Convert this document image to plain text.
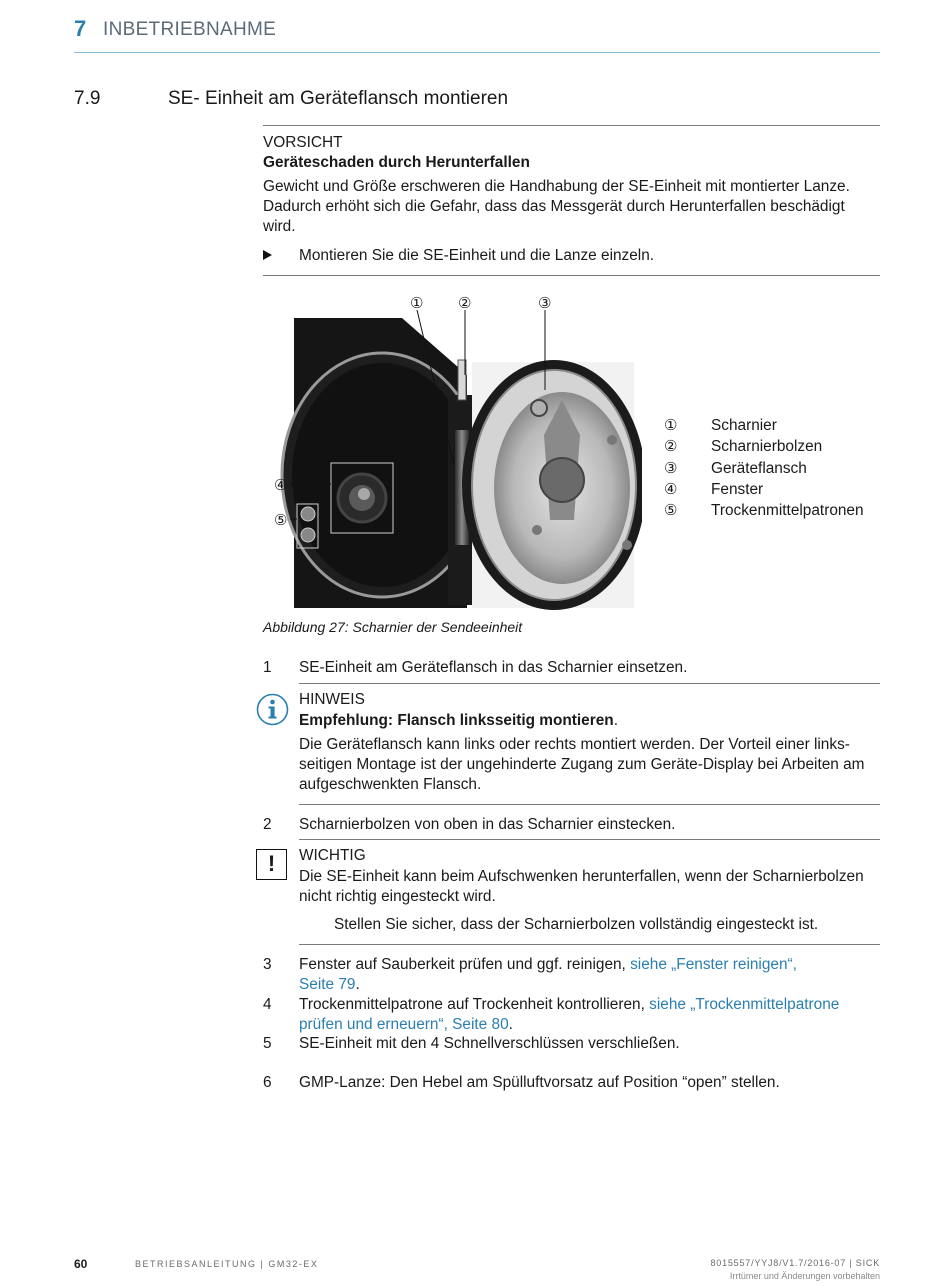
7 INBETRIEBNAHME
7.9	SE- Einheit am Geräteflansch montieren
VORSICHT
Geräteschaden durch Herunterfallen
Gewicht und Größe erschweren die Handhabung der SE-Einheit mit montierter Lanze.
Dadurch erhöht sich die Gefahr, dass das Messgerät durch Herunterfallen beschädigt
wird.
Montieren Sie die SE-Einheit und die Lanze einzeln.
① ②	③
④
⑤
① Scharnier
② Scharnierbolzen
③ Geräteflansch
④ Fenster
⑤ Trockenmittelpatronen
Abbildung 27: Scharnier der Sendeeinheit
1 SE-Einheit am Geräteflansch in das Scharnier einsetzen.
HINWEIS
Empfehlung: Flansch linksseitig montieren.
Die Geräteflansch kann links oder rechts montiert werden. Der Vorteil einer links-
seitigen Montage ist der ungehinderte Zugang zum Geräte-Display bei Arbeiten am
aufgeschwenkten Flansch.
2 Scharnierbolzen von oben in das Scharnier einstecken.
!	WICHTIG
Die SE-Einheit kann beim Aufschwenken herunterfallen, wenn der Scharnierbolzen
nicht richtig eingesteckt wird.
Stellen Sie sicher, dass der Scharnierbolzen vollständig eingesteckt ist.
3 Fenster auf Sauberkeit prüfen und ggf. reinigen, siehe „Fenster reinigen“,
Seite 79.
4 Trockenmittelpatrone auf Trockenheit kontrollieren, siehe „Trockenmittelpatrone
prüfen und erneuern“, Seite 80.
5 SE-Einheit mit den 4 Schnellverschlüssen verschließen.
6 GMP-Lanze: Den Hebel am Spülluftvorsatz auf Position “open” stellen.
60	BETRIEBSANLEITUNG | GM32-EX	8015557/YYJ8/V1.7/2016-07 | SICK
Irrtümer und Änderungen vorbehalten
